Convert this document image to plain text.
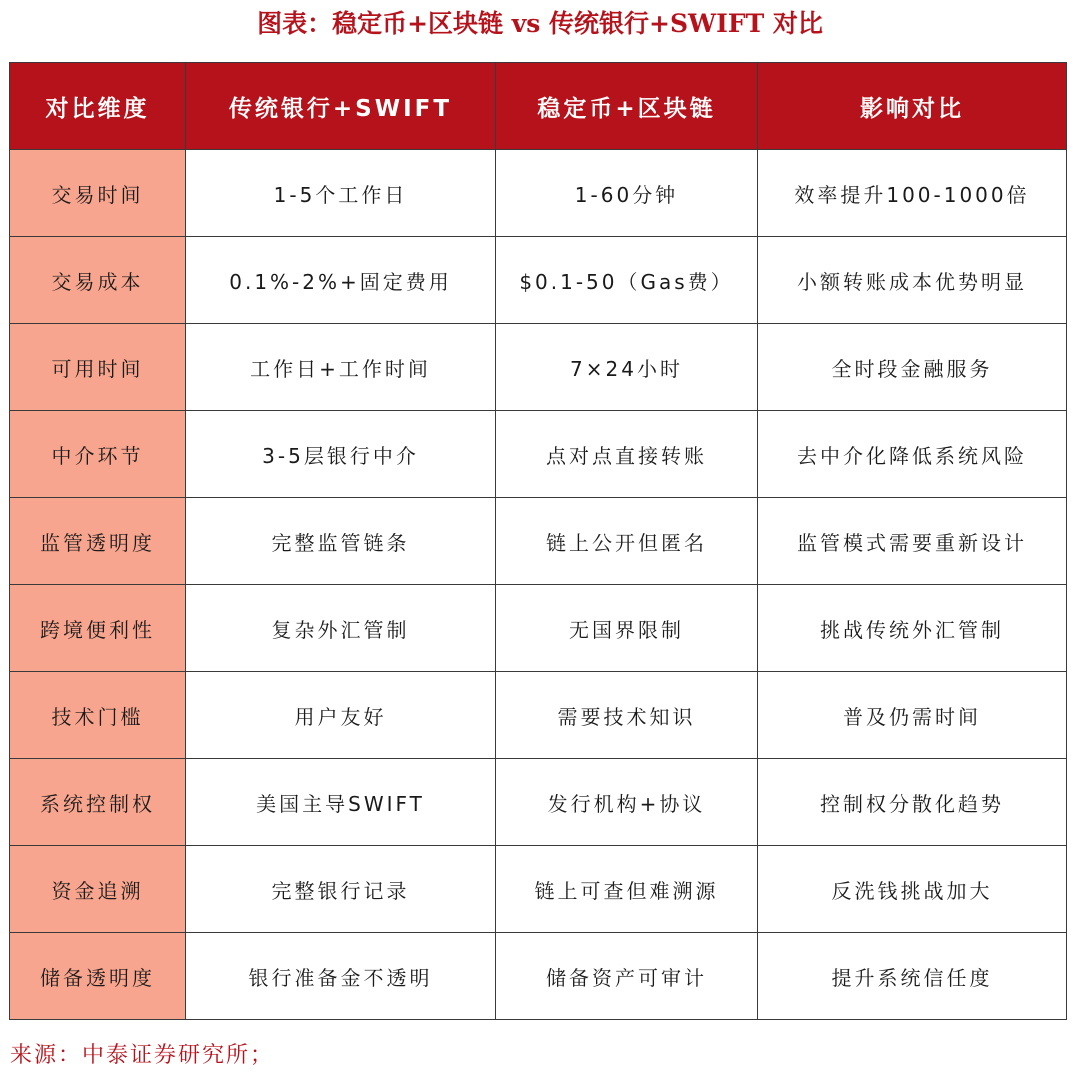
图表：稳定币+区块链 vs 传统银行+SWIFT 对比
对比维度	传统银行+SWIFT	稳定币+区块链	影响对比
交易时间	1-5个工作日	1-60分钟	效率提升100-1000倍
交易成本	0.1%-2%+固定费用	$0.1-50（Gas费）	小额转账成本优势明显
可用时间	工作日+工作时间	7×24小时	全时段金融服务
中介环节	3-5层银行中介	点对点直接转账	去中介化降低系统风险
监管透明度	完整监管链条	链上公开但匿名	监管模式需要重新设计
跨境便利性	复杂外汇管制	无国界限制	挑战传统外汇管制
技术门槛	用户友好	需要技术知识	普及仍需时间
系统控制权	美国主导SWIFT	发行机构+协议	控制权分散化趋势
资金追溯	完整银行记录	链上可查但难溯源	反洗钱挑战加大
储备透明度	银行准备金不透明	储备资产可审计	提升系统信任度
来源：中泰证券研究所；
